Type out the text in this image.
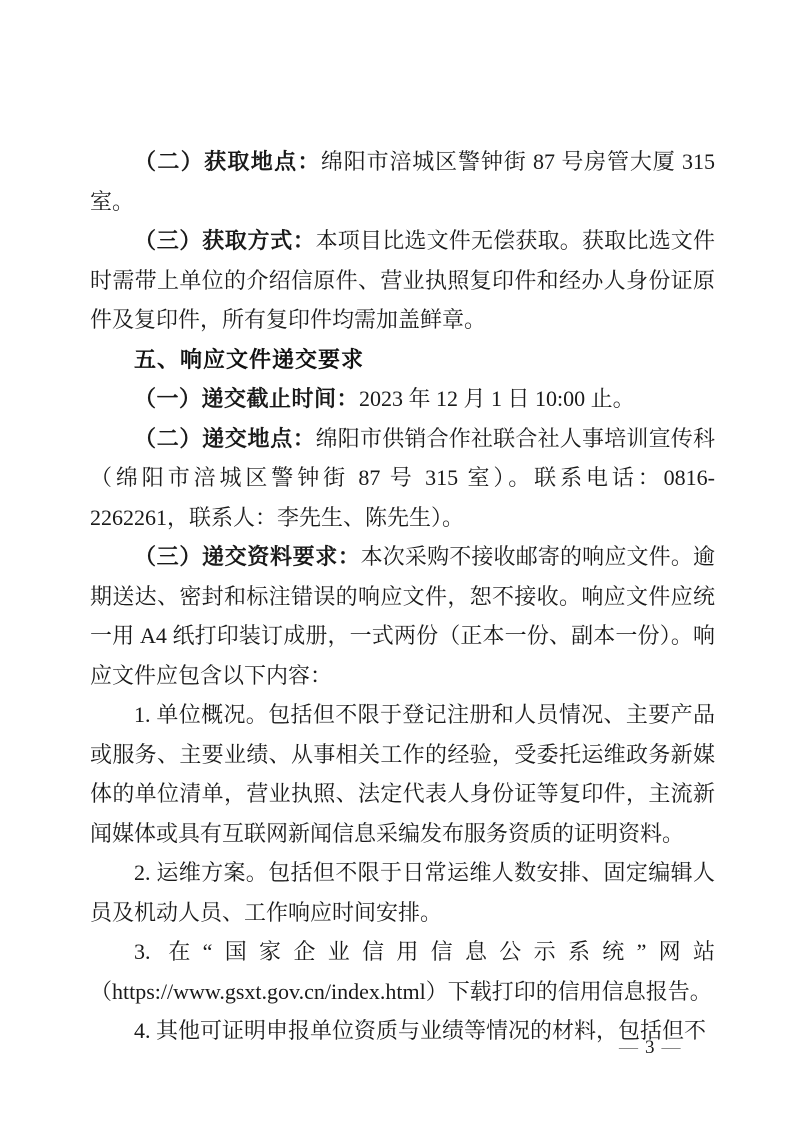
（二）获取地点：绵阳市涪城区警钟街 87 号房管大厦 315 室。

（三）获取方式：本项目比选文件无偿获取。获取比选文件时需带上单位的介绍信原件、营业执照复印件和经办人身份证原件及复印件，所有复印件均需加盖鲜章。

五、响应文件递交要求

（一）递交截止时间：2023 年 12 月 1 日 10:00 止。

（二）递交地点：绵阳市供销合作社联合社人事培训宣传科（绵阳市涪城区警钟街 87 号 315 室）。联系电话：0816-2262261，联系人：李先生、陈先生）。

（三）递交资料要求：本次采购不接收邮寄的响应文件。逾期送达、密封和标注错误的响应文件，恕不接收。响应文件应统一用 A4 纸打印装订成册，一式两份（正本一份、副本一份）。响应文件应包含以下内容：

1. 单位概况。包括但不限于登记注册和人员情况、主要产品或服务、主要业绩、从事相关工作的经验，受委托运维政务新媒体的单位清单，营业执照、法定代表人身份证等复印件，主流新闻媒体或具有互联网新闻信息采编发布服务资质的证明资料。

2. 运维方案。包括但不限于日常运维人数安排、固定编辑人员及机动人员、工作响应时间安排。

3. 在“国家企业信用信息公示系统”网站（https://www.gsxt.gov.cn/index.html）下载打印的信用信息报告。

4. 其他可证明申报单位资质与业绩等情况的材料，包括但不

— 3 —
